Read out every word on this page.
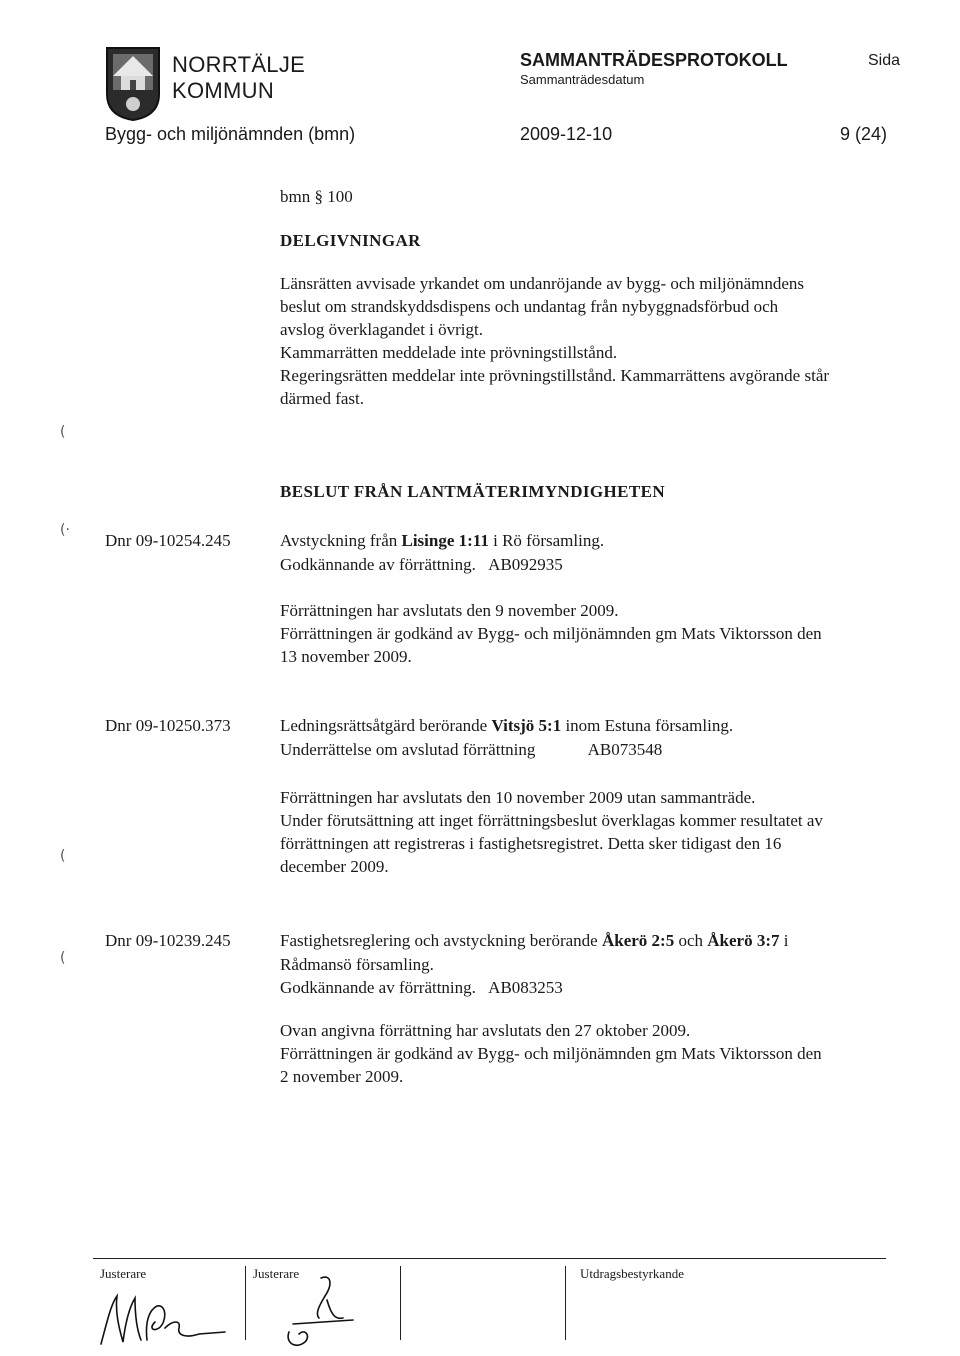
NORRTÄLJE
KOMMUN
SAMMANTRÄDESPROTOKOLL
Sammanträdesdatum
Sida
Bygg- och miljönämnden (bmn)	2009-12-10	9 (24)
bmn § 100
DELGIVNINGAR
Länsrätten avvisade yrkandet om undanröjande av bygg- och miljönämndens
beslut om strandskyddsdispens och undantag från nybyggnadsförbud och
avslog överklagandet i övrigt.
Kammarrätten meddelade inte prövningstillstånd.
Regeringsrätten meddelar inte prövningstillstånd. Kammarrättens avgörande står
därmed fast.
BESLUT FRÅN LANTMÄTERIMYNDIGHETEN
Dnr 09-10254.245	Avstyckning från Lisinge 1:11 i Rö församling.
Godkännande av förrättning. AB092935
Förrättningen har avslutats den 9 november 2009.
Förrättningen är godkänd av Bygg- och miljönämnden gm Mats Viktorsson den
13 november 2009.
Dnr 09-10250.373	Ledningsrättsåtgärd berörande Vitsjö 5:1 inom Estuna församling.
Underrättelse om avslutad förrättning	AB073548
Förrättningen har avslutats den 10 november 2009 utan sammanträde.
Under förutsättning att inget förrättningsbeslut överklagas kommer resultatet av
förrättningen att registreras i fastighetsregistret. Detta sker tidigast den 16
december 2009.
Dnr 09-10239.245	Fastighetsreglering och avstyckning berörande Åkerö 2:5 och Åkerö 3:7 i
Rådmansö församling.
Godkännande av förrättning. AB083253
Ovan angivna förrättning har avslutats den 27 oktober 2009.
Förrättningen är godkänd av Bygg- och miljönämnden gm Mats Viktorsson den
2 november 2009.
(
(·
(
(
Justerare	Justerare	Utdragsbestyrkande
